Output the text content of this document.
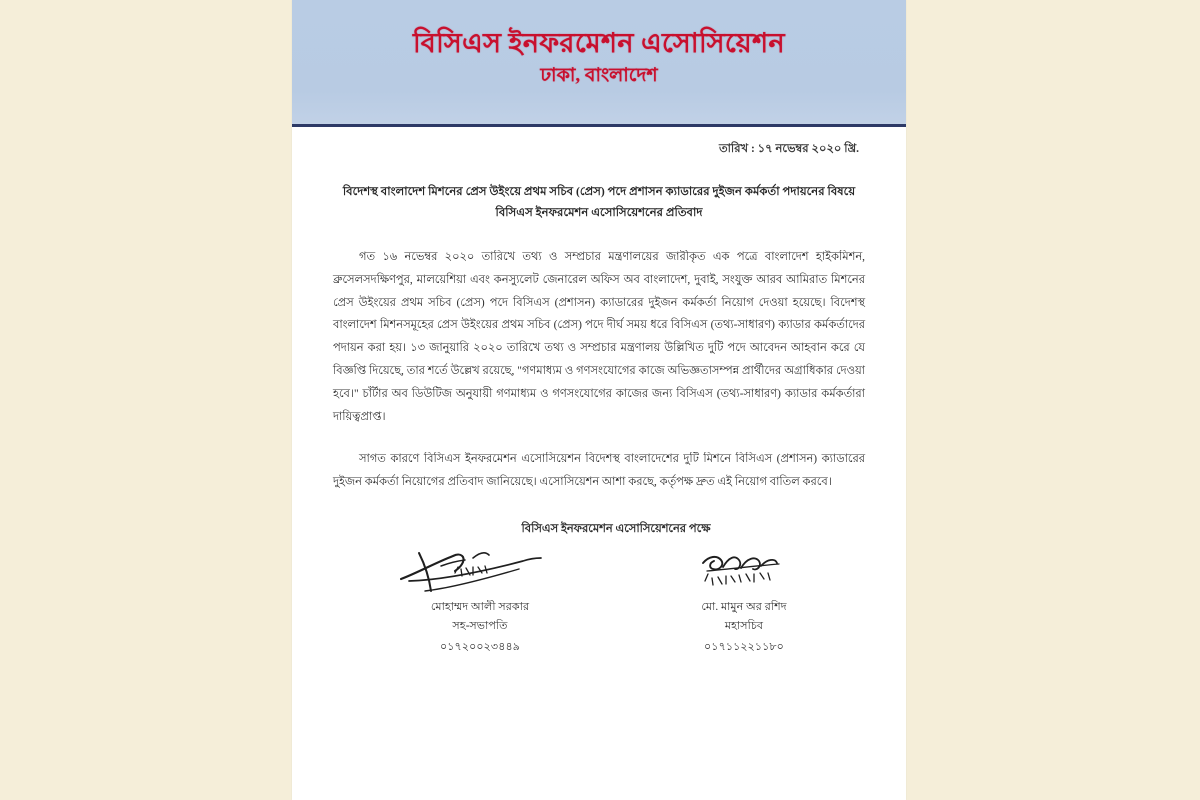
বিসিএস ইনফরমেশন এসোসিয়েশন
ঢাকা, বাংলাদেশ
তারিখ : ১৭ নভেম্বর ২০২০ খ্রি.
বিদেশস্থ বাংলাদেশ মিশনের প্রেস উইংয়ে প্রথম সচিব (প্রেস) পদে প্রশাসন ক্যাডারের দুইজন কর্মকর্তা পদায়নের বিষয়ে বিসিএস ইনফরমেশন এসোসিয়েশনের প্রতিবাদ

গত ১৬ নভেম্বর ২০২০ তারিখে তথ্য ও সম্প্রচার মন্ত্রণালয়ের জারীকৃত এক পত্রে বাংলাদেশ হাইকমিশন, ব্রুসেলসদক্ষিণপুর, মালয়েশিয়া এবং কনস্যুলেট জেনারেল অফিস অব বাংলাদেশ, দুবাই, সংযুক্ত আরব আমিরাত মিশনের প্রেস উইংয়ের প্রথম সচিব (প্রেস) পদে বিসিএস (প্রশাসন) ক্যাডারের দুইজন কর্মকর্তা নিয়োগ দেওয়া হয়েছে। বিদেশস্থ বাংলাদেশ মিশনসমূহের প্রেস উইংয়ের প্রথম সচিব (প্রেস) পদে দীর্ঘ সময় ধরে বিসিএস (তথ্য-সাধারণ) ক্যাডার কর্মকর্তাদের পদায়ন করা হয়। ১৩ জানুয়ারি ২০২০ তারিখে তথ্য ও সম্প্রচার মন্ত্রণালয় উল্লিখিত দুটি পদে আবেদন আহবান করে যে বিজ্ঞপ্তি দিয়েছে, তার শর্তে উল্লেখ রয়েছে, "গণমাধ্যম ও গণসংযোগের কাজে অভিজ্ঞতাসম্পন্ন প্রার্থীদের অগ্রাধিকার দেওয়া হবে।" চাঁর্টার অব ডিউটিজ অনুযায়ী গণমাধ্যম ও গণসংযোগের কাজের জন্য বিসিএস (তথ্য-সাধারণ) ক্যাডার কর্মকর্তারা দায়িত্বপ্রাপ্ত।

সাগত কারণে বিসিএস ইনফরমেশন এসোসিয়েশন বিদেশস্থ বাংলাদেশের দুটি মিশনে বিসিএস (প্রশাসন) ক্যাডারের দুইজন কর্মকর্তা নিয়োগের প্রতিবাদ জানিয়েছে। এসোসিয়েশন আশা করছে, কর্তৃপক্ষ দ্রুত এই নিয়োগ বাতিল করবে।

বিসিএস ইনফরমেশন এসোসিয়েশনের পক্ষে
মোহাম্মদ আলী সরকার
সহ-সভাপতি
০১৭২০০২৩৪৪৯
মো. মামুন অর রশিদ
মহাসচিব
০১৭১১২২১১৮০
